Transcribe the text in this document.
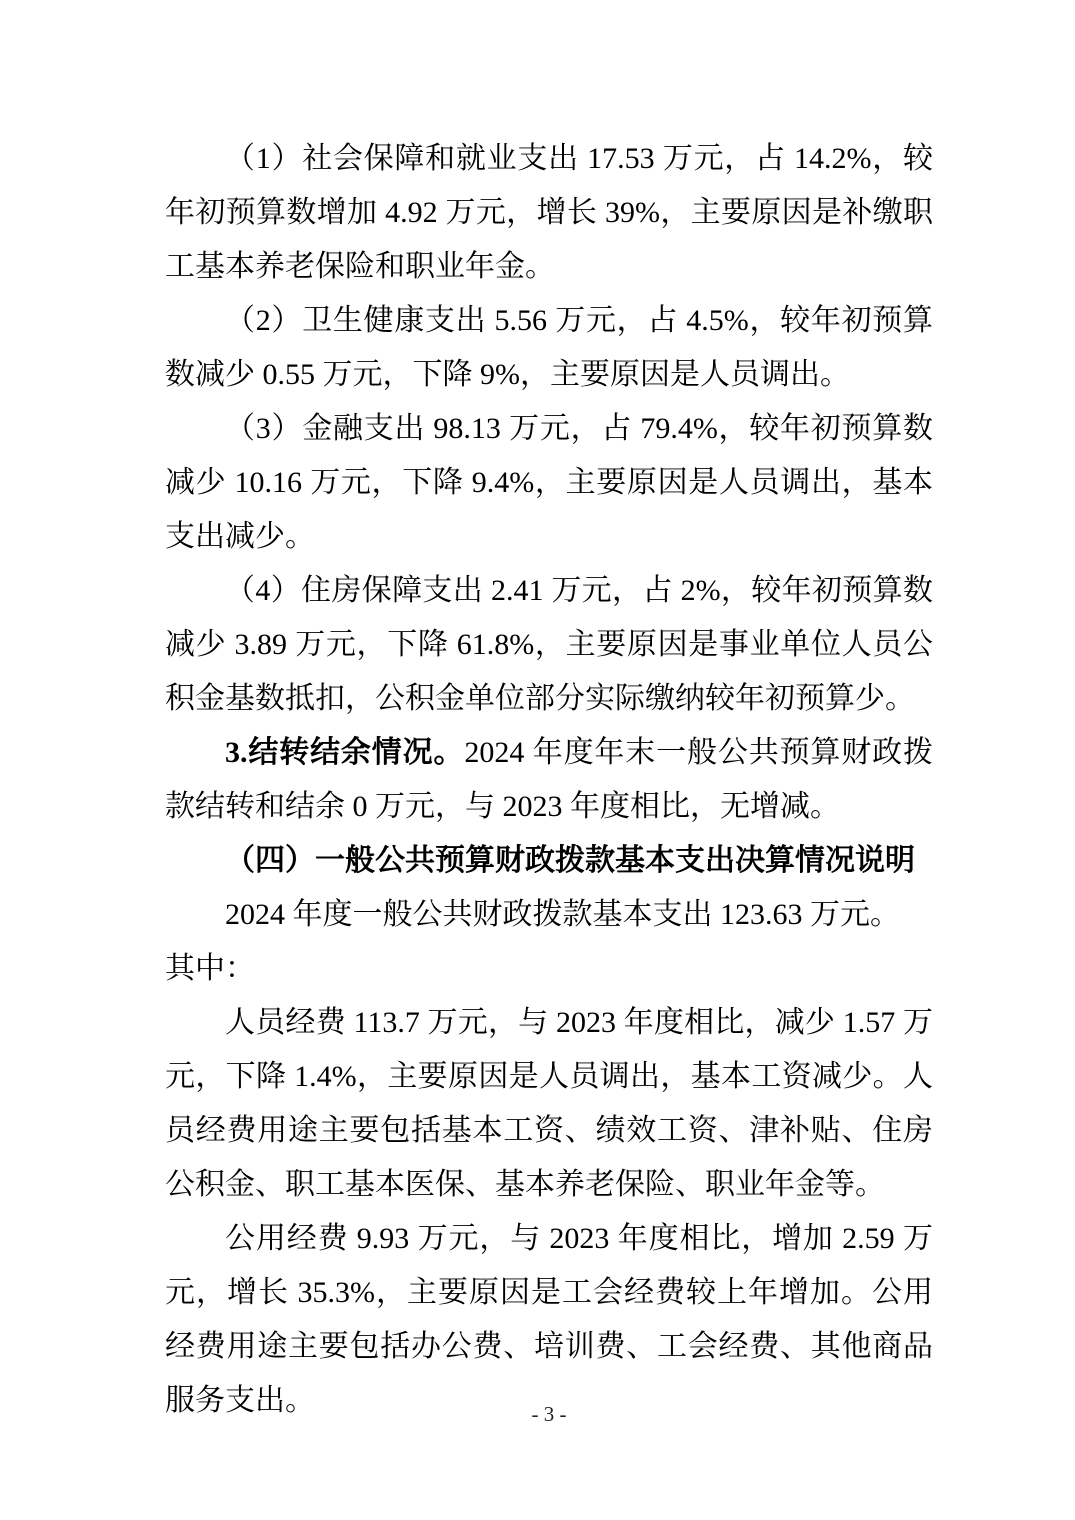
（1）社会保障和就业支出 17.53 万元，占 14.2%，较年初预算数增加 4.92 万元，增长 39%，主要原因是补缴职工基本养老保险和职业年金。

（2）卫生健康支出 5.56 万元，占 4.5%，较年初预算数减少 0.55 万元，下降 9%，主要原因是人员调出。

（3）金融支出 98.13 万元，占 79.4%，较年初预算数减少 10.16 万元，下降 9.4%，主要原因是人员调出，基本支出减少。

（4）住房保障支出 2.41 万元，占 2%，较年初预算数减少 3.89 万元，下降 61.8%，主要原因是事业单位人员公积金基数抵扣，公积金单位部分实际缴纳较年初预算少。

3.结转结余情况。2024 年度年末一般公共预算财政拨款结转和结余 0 万元，与 2023 年度相比，无增减。

（四）一般公共预算财政拨款基本支出决算情况说明

2024 年度一般公共财政拨款基本支出 123.63 万元。

其中：

人员经费 113.7 万元，与 2023 年度相比，减少 1.57 万元，下降 1.4%，主要原因是人员调出，基本工资减少。人员经费用途主要包括基本工资、绩效工资、津补贴、住房公积金、职工基本医保、基本养老保险、职业年金等。

公用经费 9.93 万元，与 2023 年度相比，增加 2.59 万元，增长 35.3%，主要原因是工会经费较上年增加。公用经费用途主要包括办公费、培训费、工会经费、其他商品服务支出。	- 3 -
